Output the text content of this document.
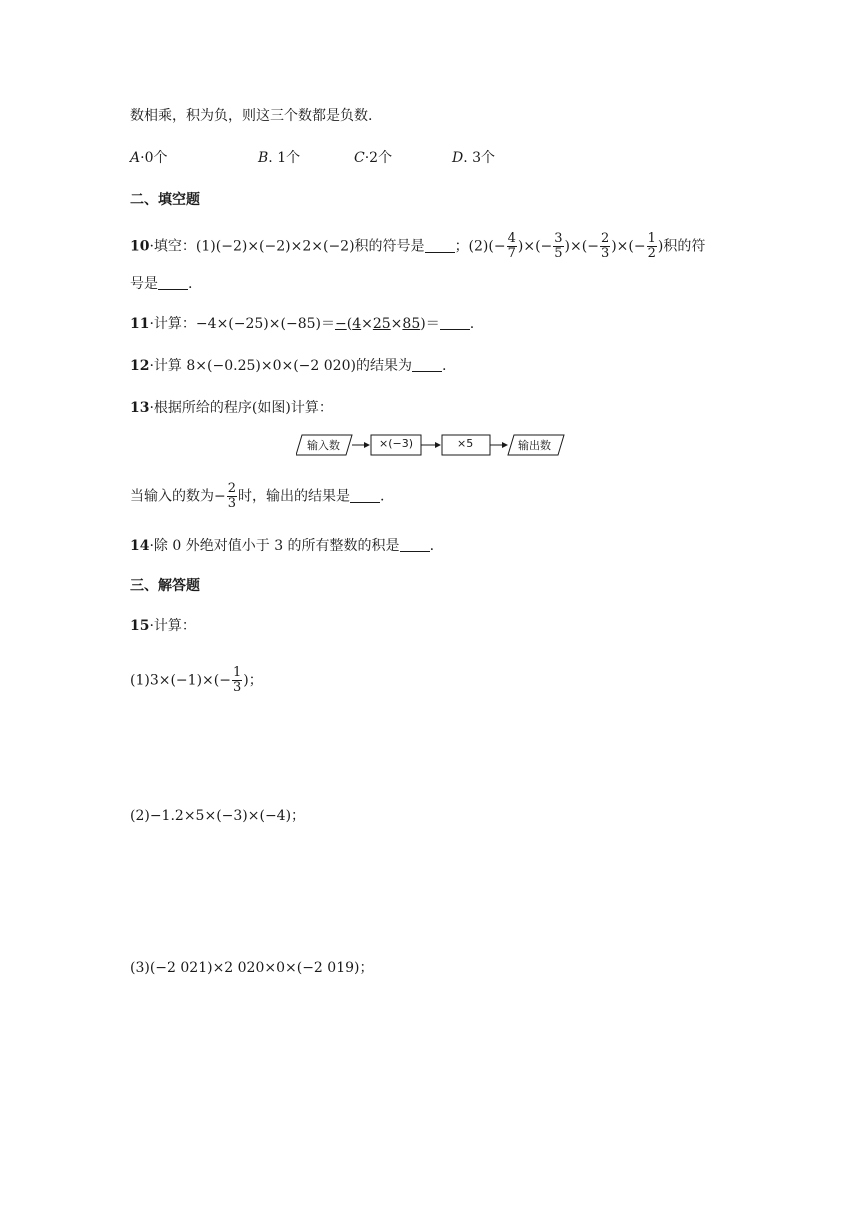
数相乘，积为负，则这三个数都是负数.
A·0个	B. 1个	C·2个	D. 3个
二、填空题
10·填空：(1)(−2)×(−2)×2×(−2)积的符号是 ；$(2)(- \frac{4}{7}$ )×(− $\frac{3}{5}$ )×(− $\frac{2}{3}$ )×(− $\frac{1}{2}$ )积的符
号是 .
11·计算：−4×(−25)×(−85)＝−(4×25×85)＝ .
12·计算 8×(−0.25)×0×(−2 020)的结果为 .
13·根据所给的程序(如图)计算：
输入数	×(−3)	×5	输出数
当输入的数为− $\frac{2}{3}$ 时，输出的结果是 .
14·除 0 外绝对值小于 3 的所有整数的积是 .
三、解答题
15·计算：
$(1)3\times(-1)\times(- \frac{1}{3}$ )；
(2)−1.2×5×(−3)×(−4)；
(3)(−2 021)×2 020×0×(−2 019)；
